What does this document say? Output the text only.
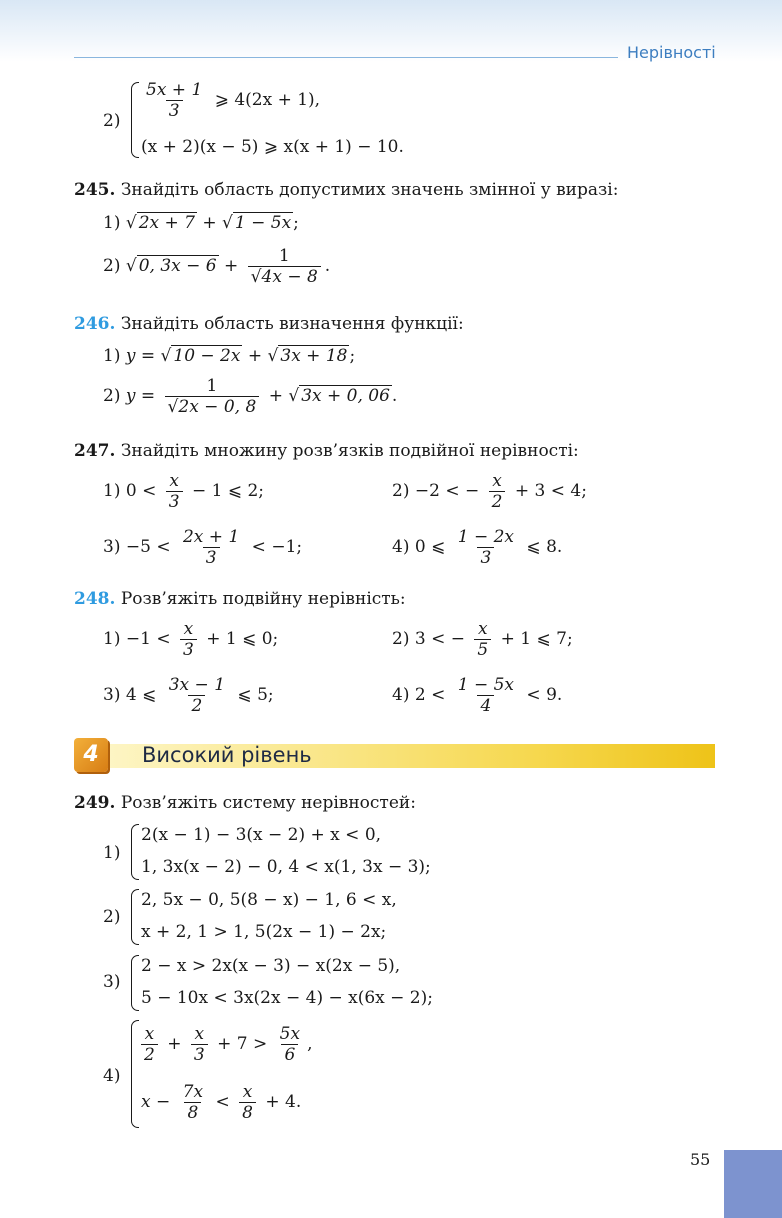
Нерівності
$2) \frac{5x + 1}{3}$ ⩾ 4(2x + 1),
(x + 2)(x − 5) ⩾ x(x + 1) − 10.
245. Знайдіть область допустимих значень змінної у виразі:
1) √ 2x + 7 + √ 1 − 5x ;
2) √ 0, $3x - 6 + \frac{1}{√4x - 8}$ .
246. Знайдіть область визначення функції:
1) y = √ 10 − 2x + √ 3x + 18 ;
2) $y = \frac{1}{√2x - 0, 8}$ + √ 3x + 0, 06 .
247. Знайдіть множину розв’язків подвійної нерівності:
1) $0 < \frac{x}{3} - 1$ ⩽ 2;	2) −2 < − $\frac{x}{2} + 3 < 4$;
$3) -5 < \frac{2x + 1}{3} < -1$;	4) 0 ⩽ $\frac{1 - 2x}{3}$ ⩽ 8.
248. Розв’яжіть подвійну нерівність:
$1) -1 < \frac{x}{3} + 1$ ⩽ 0;	2) 3 < − $\frac{x}{5} + 1$ ⩽ 7;
3) 4 ⩽ $\frac{3x - 1}{2}$ ⩽ 5;	4) $2 < \frac{1 - 5x}{4} < 9$.
4	Високий рівень
249. Розв’яжіть систему нерівностей:
1)
2(x − 1) − 3(x − 2) + x < 0,
1, 3x(x − 2) − 0, 4 < x(1, 3x − 3);
2)
2, 5x − 0, 5(8 − x) − 1, 6 < x,
x + 2, 1 > 1, 5(2x − 1) − 2x;
3)
2 − x > 2x(x − 3) − x(2x − 5),
5 − 10x < 3x(2x − 4) − x(6x − 2);
4)
$\frac{x}{2} + \frac{x}{3} + 7 > \frac{5x}{6}$ ,
$x - \frac{7x}{8} < \frac{x}{8} + 4$.
55
